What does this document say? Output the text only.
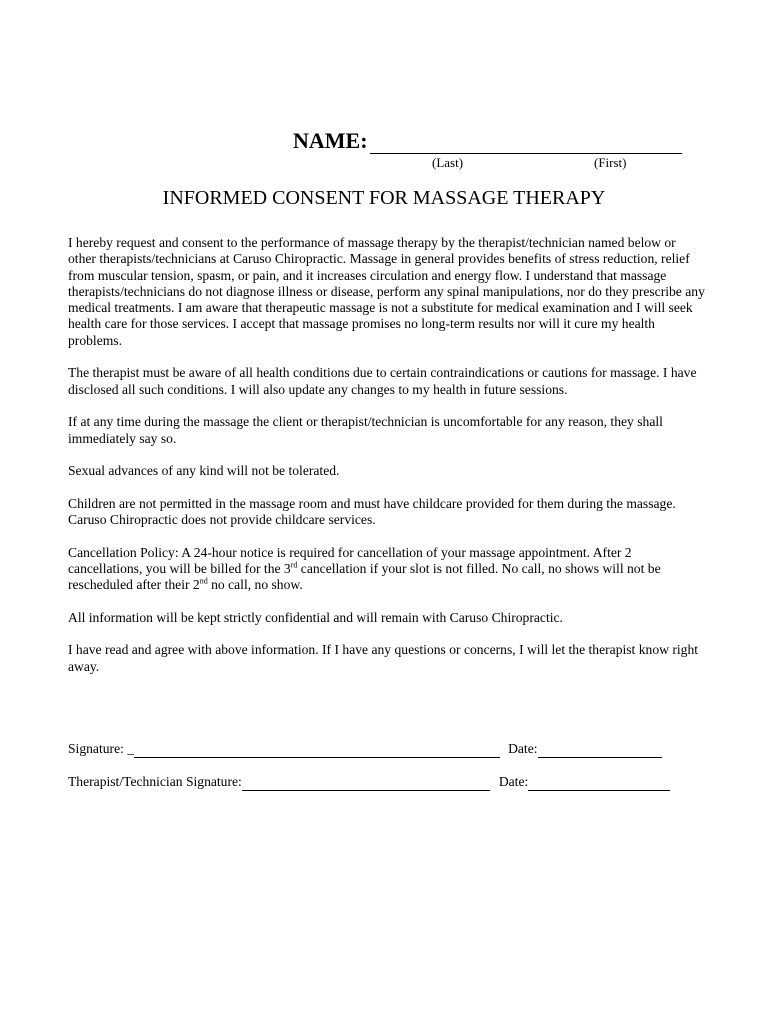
NAME:
(Last)	(First)
INFORMED CONSENT FOR MASSAGE THERAPY

I hereby request and consent to the performance of massage therapy by the therapist/technician named below or other therapists/technicians at Caruso Chiropractic. Massage in general provides benefits of stress reduction, relief from muscular tension, spasm, or pain, and it increases circulation and energy flow. I understand that massage therapists/technicians do not diagnose illness or disease, perform any spinal manipulations, nor do they prescribe any medical treatments. I am aware that therapeutic massage is not a substitute for medical examination and I will seek health care for those services. I accept that massage promises no long-term results nor will it cure my health problems.

The therapist must be aware of all health conditions due to certain contraindications or cautions for massage. I have disclosed all such conditions. I will also update any changes to my health in future sessions.

If at any time during the massage the client or therapist/technician is uncomfortable for any reason, they shall immediately say so.

Sexual advances of any kind will not be tolerated.

Children are not permitted in the massage room and must have childcare provided for them during the massage. Caruso Chiropractic does not provide childcare services.

Cancellation Policy: A 24-hour notice is required for cancellation of your massage appointment. After 2 cancellations, you will be billed for the 3rd cancellation if your slot is not filled. No call, no shows will not be rescheduled after their 2nd no call, no show.

All information will be kept strictly confidential and will remain with Caruso Chiropractic.

I have read and agree with above information. If I have any questions or concerns, I will let the therapist know right away.

Signature: _	Date:
Therapist/Technician Signature:	Date:
